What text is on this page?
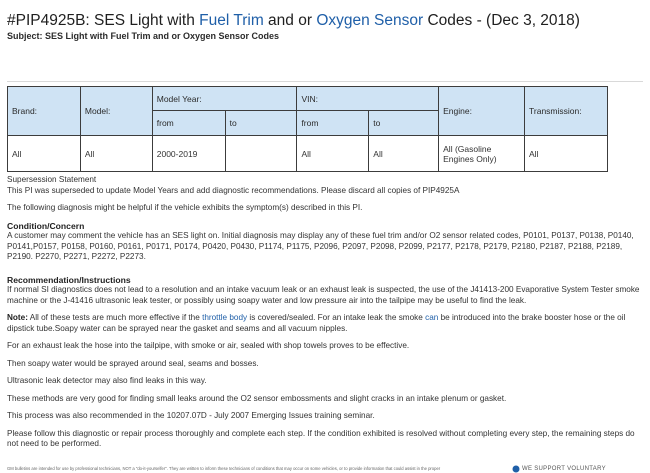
#PIP4925B: SES Light with Fuel Trim and or Oxygen Sensor Codes - (Dec 3, 2018)
Subject: SES Light with Fuel Trim and or Oxygen Sensor Codes
Brand:	Model:	Model Year:		VIN:		Engine:	Transmission:
		from	to	from	to		
All	All	2000-2019		All	All	All (Gasoline Engines Only)	All

Supersession Statement

This PI was superseded to update Model Years and add diagnostic recommendations. Please discard all copies of PIP4925A

The following diagnosis might be helpful if the vehicle exhibits the symptom(s) described in this PI.

Condition/Concern

A customer may comment the vehicle has an SES light on. Initial diagnosis may display any of these fuel trim and/or O2 sensor related codes, P0101, P0137, P0138, P0140, P0141,P0157, P0158, P0160, P0161, P0171, P0174, P0420, P0430, P1174, P1175, P2096, P2097, P2098, P2099, P2177, P2178, P2179, P2180, P2187, P2188, P2189, P2190. P2270, P2271, P2272, P2273.

Recommendation/Instructions

If normal SI diagnostics does not lead to a resolution and an intake vacuum leak or an exhaust leak is suspected, the use of the J41413-200 Evaporative System Tester smoke machine or the J-41416 ultrasonic leak tester, or possibly using soapy water and low pressure air into the tailpipe may be useful to find the leak.

Note: All of these tests are much more effective if the throttle body is covered/sealed. For an intake leak the smoke can be introduced into the brake booster hose or the oil dipstick tube.Soapy water can be sprayed near the gasket and seams and all vacuum nipples.

For an exhaust leak the hose into the tailpipe, with smoke or air, sealed with shop towels proves to be effective.

Then soapy water would be sprayed around seal, seams and bosses.

Ultrasonic leak detector may also find leaks in this way.

These methods are very good for finding small leaks around the O2 sensor embossments and slight cracks in an intake plenum or gasket.

This process was also recommended in the 10207.07D - July 2007 Emerging Issues training seminar.

Please follow this diagnostic or repair process thoroughly and complete each step. If the condition exhibited is resolved without completing every step, the remaining steps do not need to be performed.

GM bulletins are intended for use by professional technicians, NOT a "do-it-yourselfer". They are written to inform these technicians of conditions that may occur on some vehicles, or to provide information that could assist in the proper	WE SUPPORT VOLUNTARY
